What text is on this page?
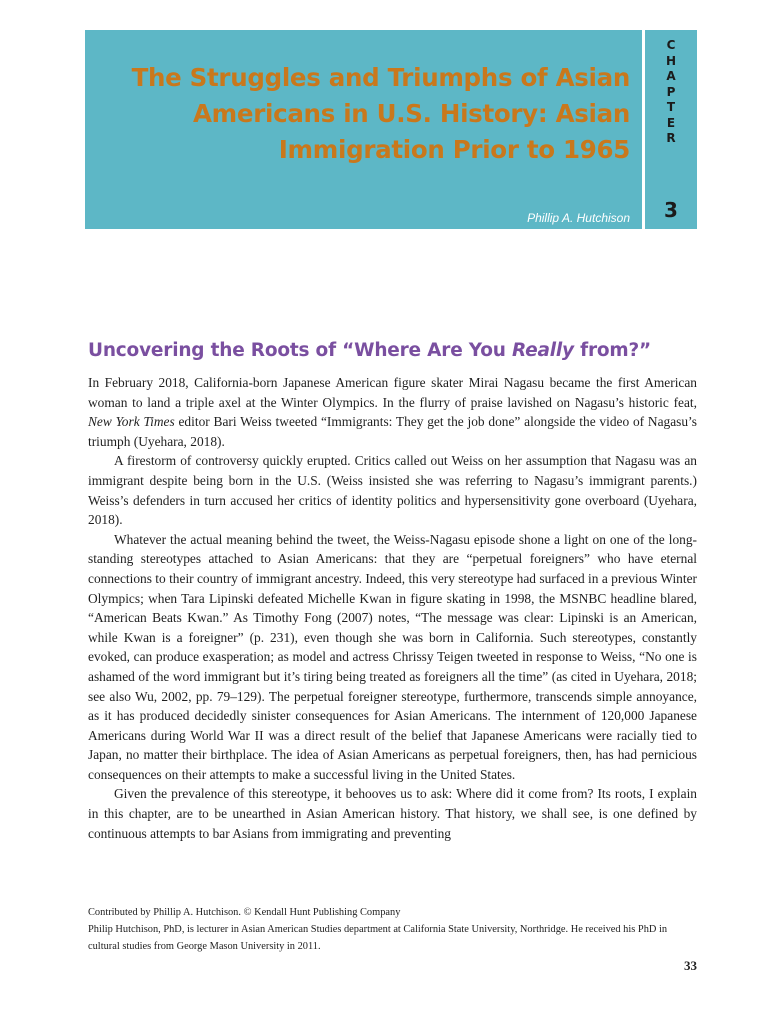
The Struggles and Triumphs of Asian Americans in U.S. History: Asian Immigration Prior to 1965
Phillip A. Hutchison
C
H
A
P
T
E
R
3
Uncovering the Roots of “Where Are You Really from?”

In February 2018, California-born Japanese American figure skater Mirai Nagasu became the first American woman to land a triple axel at the Winter Olympics. In the flurry of praise lavished on Nagasu’s historic feat, New York Times editor Bari Weiss tweeted “Immigrants: They get the job done” alongside the video of Nagasu’s triumph (Uyehara, 2018).

A firestorm of controversy quickly erupted. Critics called out Weiss on her assumption that Nagasu was an immigrant despite being born in the U.S. (Weiss insisted she was referring to Nagasu’s immigrant parents.) Weiss’s defenders in turn accused her critics of identity politics and hypersensitivity gone overboard (Uyehara, 2018).

Whatever the actual meaning behind the tweet, the Weiss-Nagasu episode shone a light on one of the long-standing stereotypes attached to Asian Americans: that they are “perpetual foreigners” who have eternal connections to their country of immigrant ancestry. Indeed, this very stereotype had surfaced in a previous Winter Olympics; when Tara Lipinski defeated Michelle Kwan in figure skating in 1998, the MSNBC headline blared, “American Beats Kwan.” As Timothy Fong (2007) notes, “The message was clear: Lipinski is an American, while Kwan is a foreigner” (p. 231), even though she was born in California. Such stereotypes, constantly evoked, can produce exasperation; as model and actress Chrissy Teigen tweeted in response to Weiss, “No one is ashamed of the word immigrant but it’s tiring being treated as foreigners all the time” (as cited in Uyehara, 2018; see also Wu, 2002, pp. 79–129). The perpetual foreigner stereotype, furthermore, transcends simple annoyance, as it has produced decidedly sinister consequences for Asian Americans. The internment of 120,000 Japanese Americans during World War II was a direct result of the belief that Japanese Americans were racially tied to Japan, no matter their birthplace. The idea of Asian Americans as perpetual foreigners, then, has had pernicious consequences on their attempts to make a successful living in the United States.

Given the prevalence of this stereotype, it behooves us to ask: Where did it come from? Its roots, I explain in this chapter, are to be unearthed in Asian American history. That history, we shall see, is one defined by continuous attempts to bar Asians from immigrating and preventing

Contributed by Phillip A. Hutchison. © Kendall Hunt Publishing Company
Philip Hutchison, PhD, is lecturer in Asian American Studies department at California State University, Northridge. He received his PhD in cultural studies from George Mason University in 2011.
33
